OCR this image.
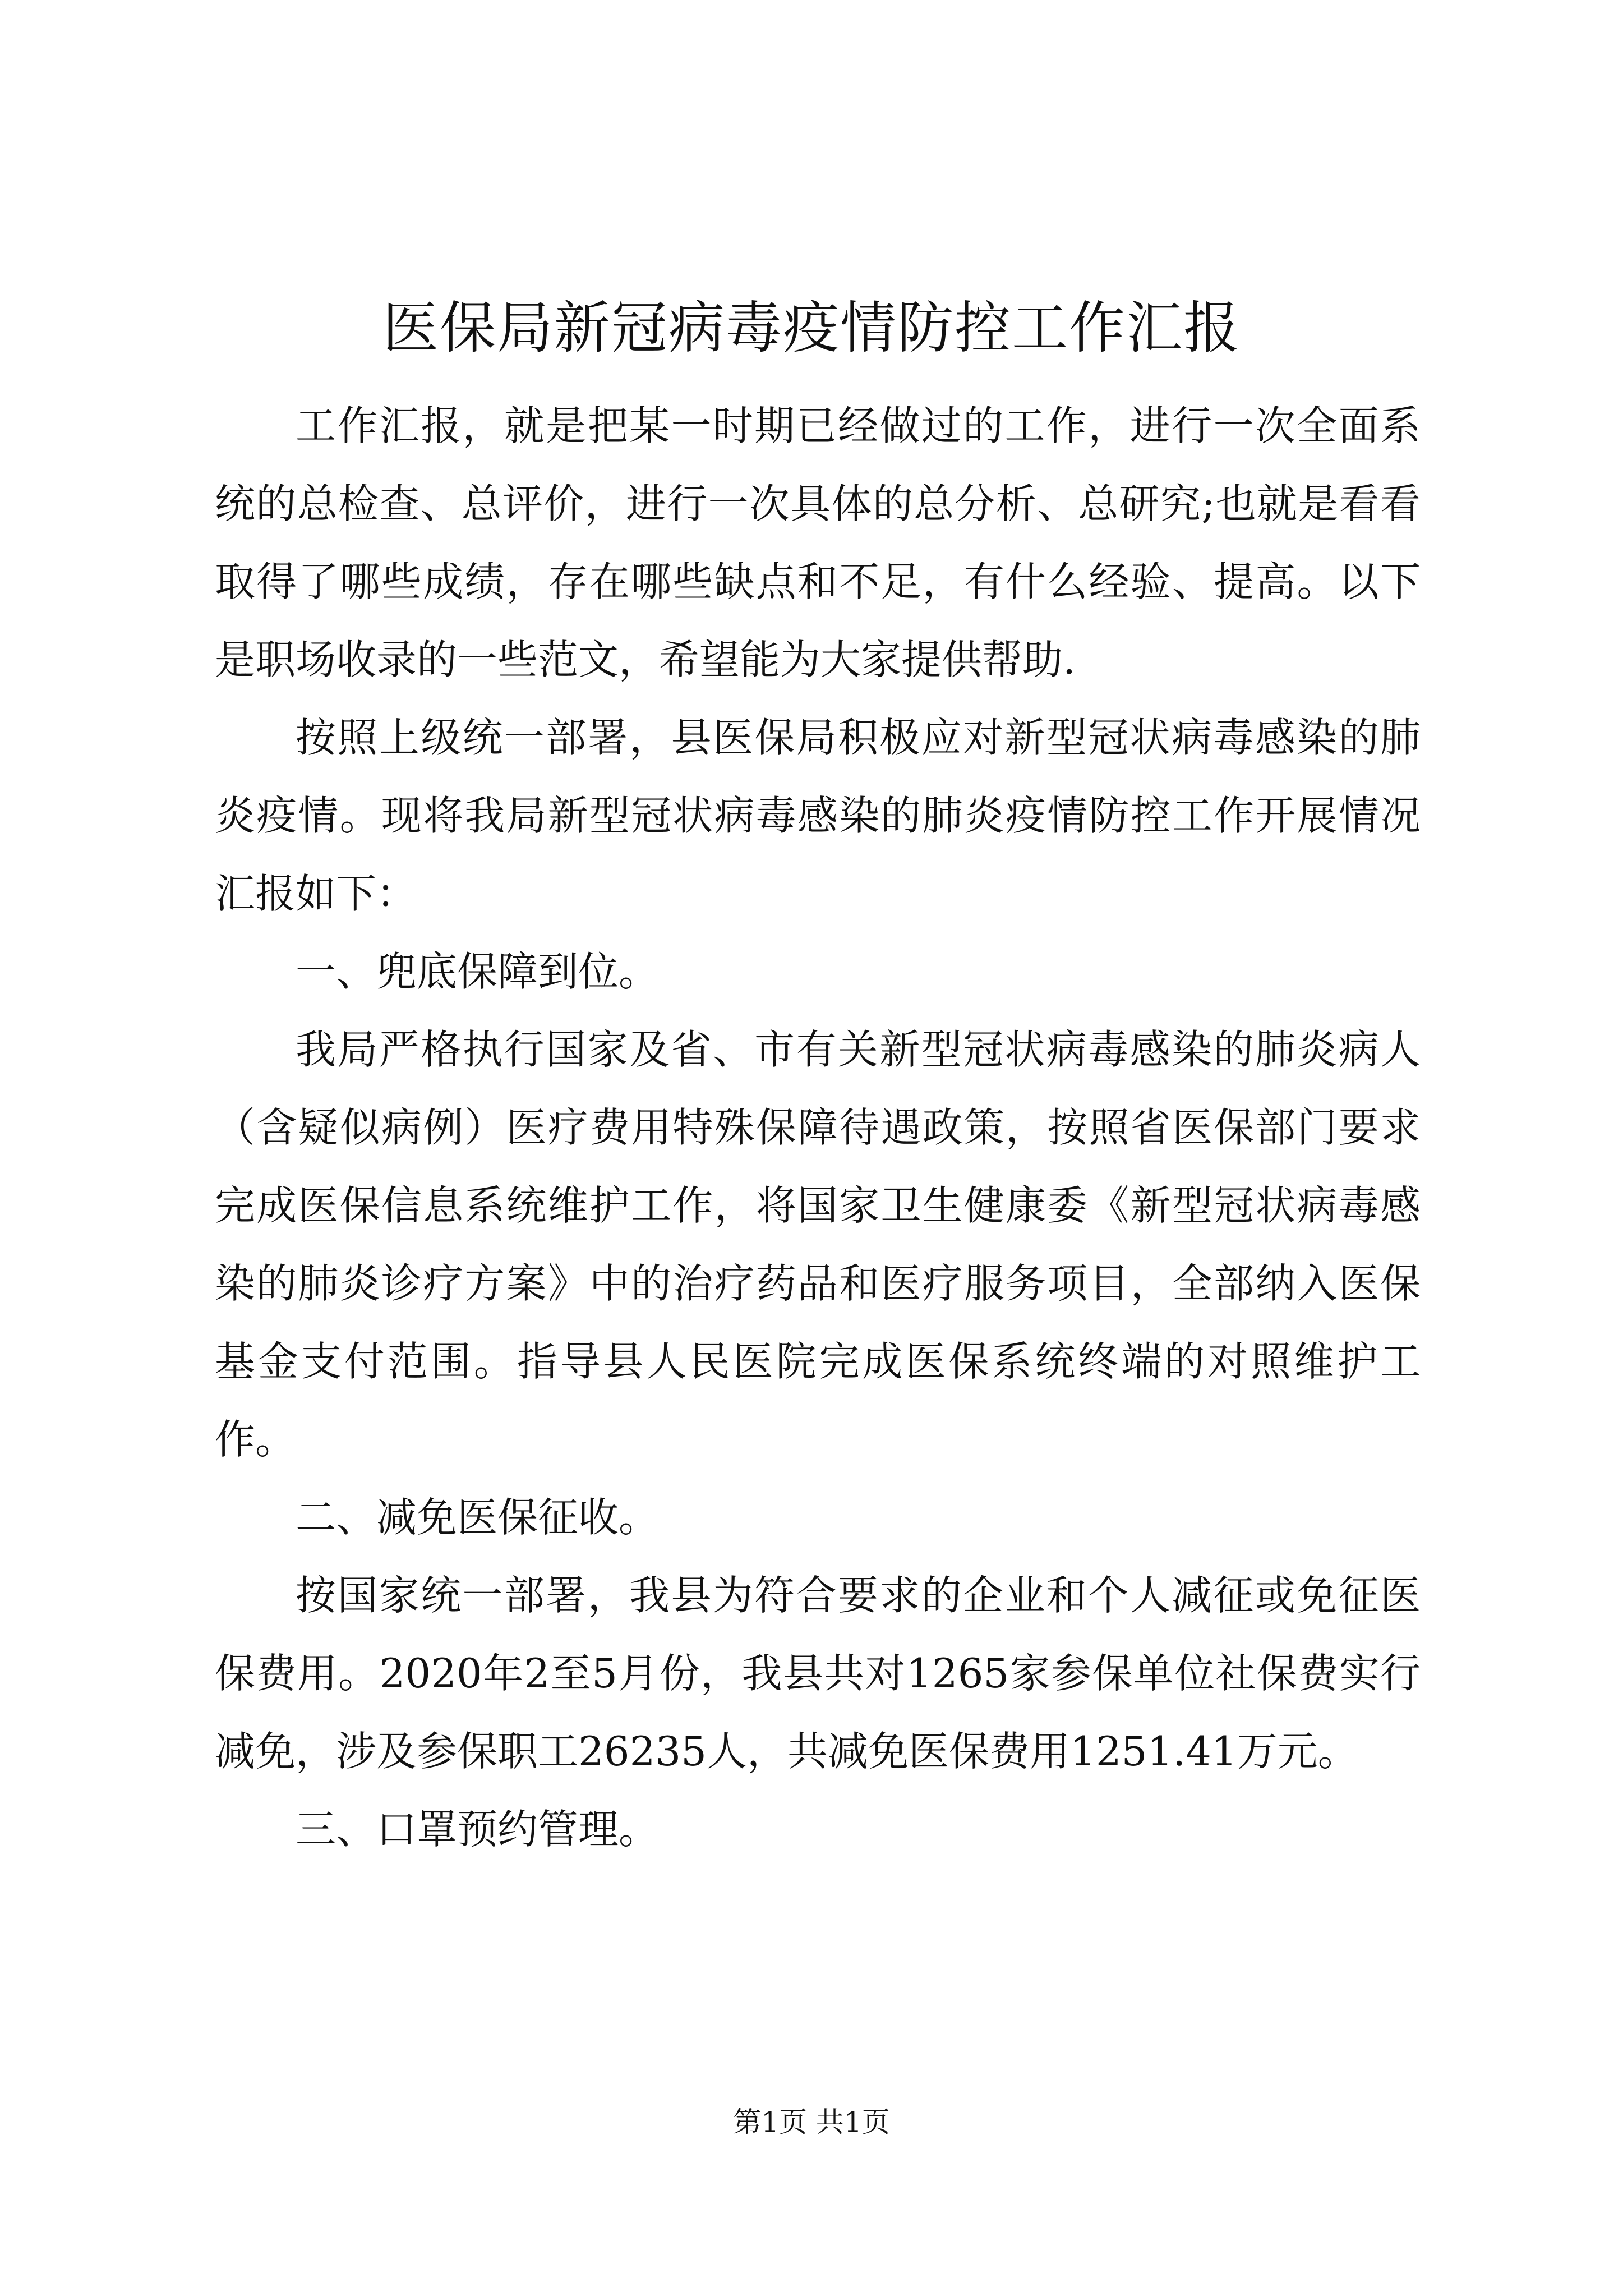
医保局新冠病毒疫情防控工作汇报

工作汇报，就是把某一时期已经做过的工作，进行一次全面系统的总检查、总评价，进行一次具体的总分析、总研究;也就是看看取得了哪些成绩，存在哪些缺点和不足，有什么经验、提高。以下是职场收录的一些范文，希望能为大家提供帮助.

按照上级统一部署，县医保局积极应对新型冠状病毒感染的肺炎疫情。现将我局新型冠状病毒感染的肺炎疫情防控工作开展情况汇报如下：

一、兜底保障到位。

我局严格执行国家及省、市有关新型冠状病毒感染的肺炎病人（含疑似病例）医疗费用特殊保障待遇政策，按照省医保部门要求完成医保信息系统维护工作，将国家卫生健康委《新型冠状病毒感染的肺炎诊疗方案》中的治疗药品和医疗服务项目，全部纳入医保基金支付范围。指导县人民医院完成医保系统终端的对照维护工作。

二、减免医保征收。

按国家统一部署，我县为符合要求的企业和个人减征或免征医保费用。2020年2至5月份，我县共对1265家参保单位社保费实行减免，涉及参保职工26235人，共减免医保费用1251.41万元。

三、口罩预约管理。

第1页 共1页
